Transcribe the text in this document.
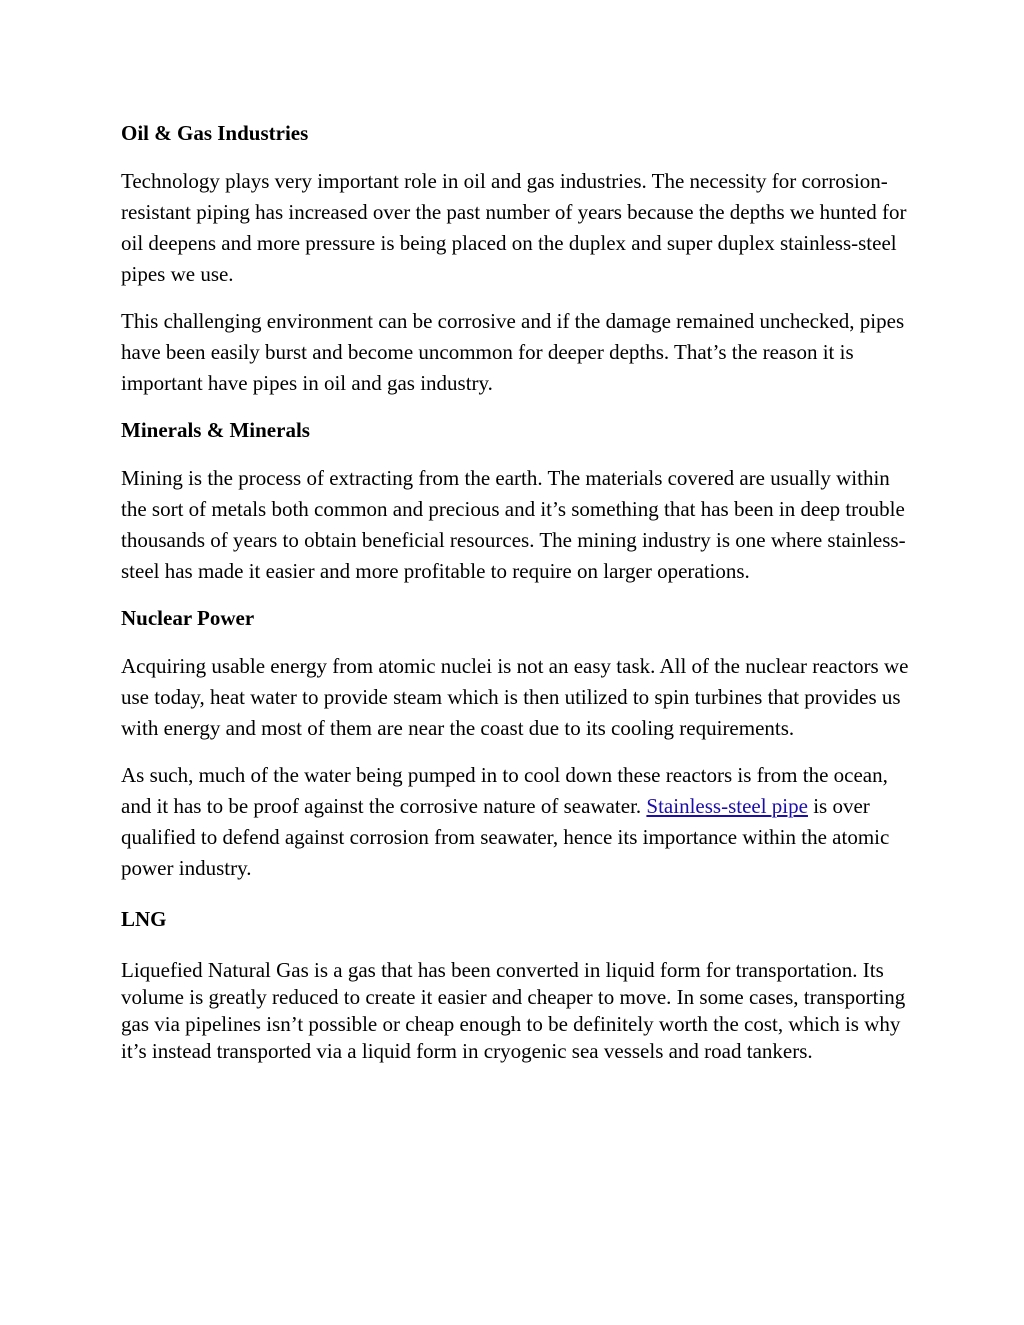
Oil & Gas Industries

Technology plays very important role in oil and gas industries. The necessity for corrosion-resistant piping has increased over the past number of years because the depths we hunted for oil deepens and more pressure is being placed on the duplex and super duplex stainless-steel pipes we use.

This challenging environment can be corrosive and if the damage remained unchecked, pipes have been easily burst and become uncommon for deeper depths. That’s the reason it is important have pipes in oil and gas industry.

Minerals & Minerals

Mining is the process of extracting from the earth. The materials covered are usually within the sort of metals both common and precious and it’s something that has been in deep trouble thousands of years to obtain beneficial resources. The mining industry is one where stainless-steel has made it easier and more profitable to require on larger operations.

Nuclear Power

Acquiring usable energy from atomic nuclei is not an easy task. All of the nuclear reactors we use today, heat water to provide steam which is then utilized to spin turbines that provides us with energy and most of them are near the coast due to its cooling requirements.

As such, much of the water being pumped in to cool down these reactors is from the ocean, and it has to be proof against the corrosive nature of seawater. Stainless-steel pipe is over qualified to defend against corrosion from seawater, hence its importance within the atomic power industry.

LNG

Liquefied Natural Gas is a gas that has been converted in liquid form for transportation. Its volume is greatly reduced to create it easier and cheaper to move. In some cases, transporting gas via pipelines isn’t possible or cheap enough to be definitely worth the cost, which is why it’s instead transported via a liquid form in cryogenic sea vessels and road tankers.
